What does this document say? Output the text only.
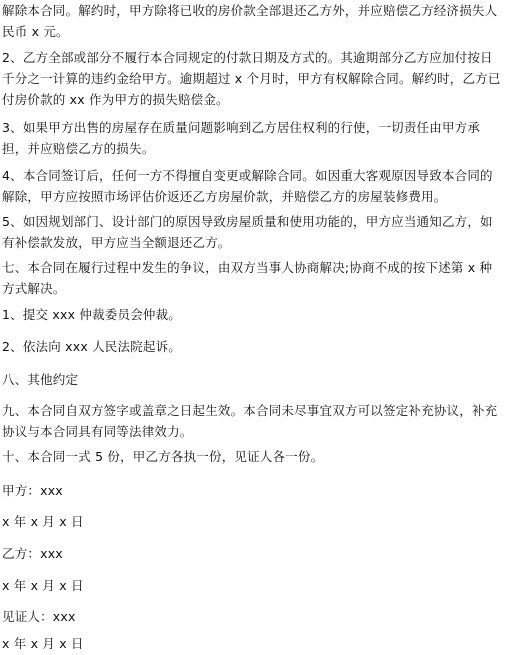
解除本合同。解约时，甲方除将已收的房价款全部退还乙方外，并应赔偿乙方经济损失人民币 x 元。
2、乙方全部或部分不履行本合同规定的付款日期及方式的。其逾期部分乙方应加付按日千分之一计算的违约金给甲方。逾期超过 x 个月时，甲方有权解除合同。解约时，乙方已付房价款的 xx 作为甲方的损失赔偿金。
3、如果甲方出售的房屋存在质量问题影响到乙方居住权利的行使，一切责任由甲方承担，并应赔偿乙方的损失。
4、本合同签订后，任何一方不得擅自变更或解除合同。如因重大客观原因导致本合同的解除，甲方应按照市场评估价返还乙方房屋价款，并赔偿乙方的房屋装修费用。
5、如因规划部门、设计部门的原因导致房屋质量和使用功能的，甲方应当通知乙方，如有补偿款发放，甲方应当全额退还乙方。
七、本合同在履行过程中发生的争议，由双方当事人协商解决;协商不成的按下述第 x 种方式解决。
1、提交 xxx 仲裁委员会仲裁。
2、依法向 xxx 人民法院起诉。
八、其他约定
九、本合同自双方签字或盖章之日起生效。本合同未尽事宜双方可以签定补充协议，补充协议与本合同具有同等法律效力。
十、本合同一式 5 份，甲乙方各执一份，见证人各一份。
甲方：xxx
x 年 x 月 x 日
乙方：xxx
x 年 x 月 x 日
见证人：xxx
x 年 x 月 x 日
